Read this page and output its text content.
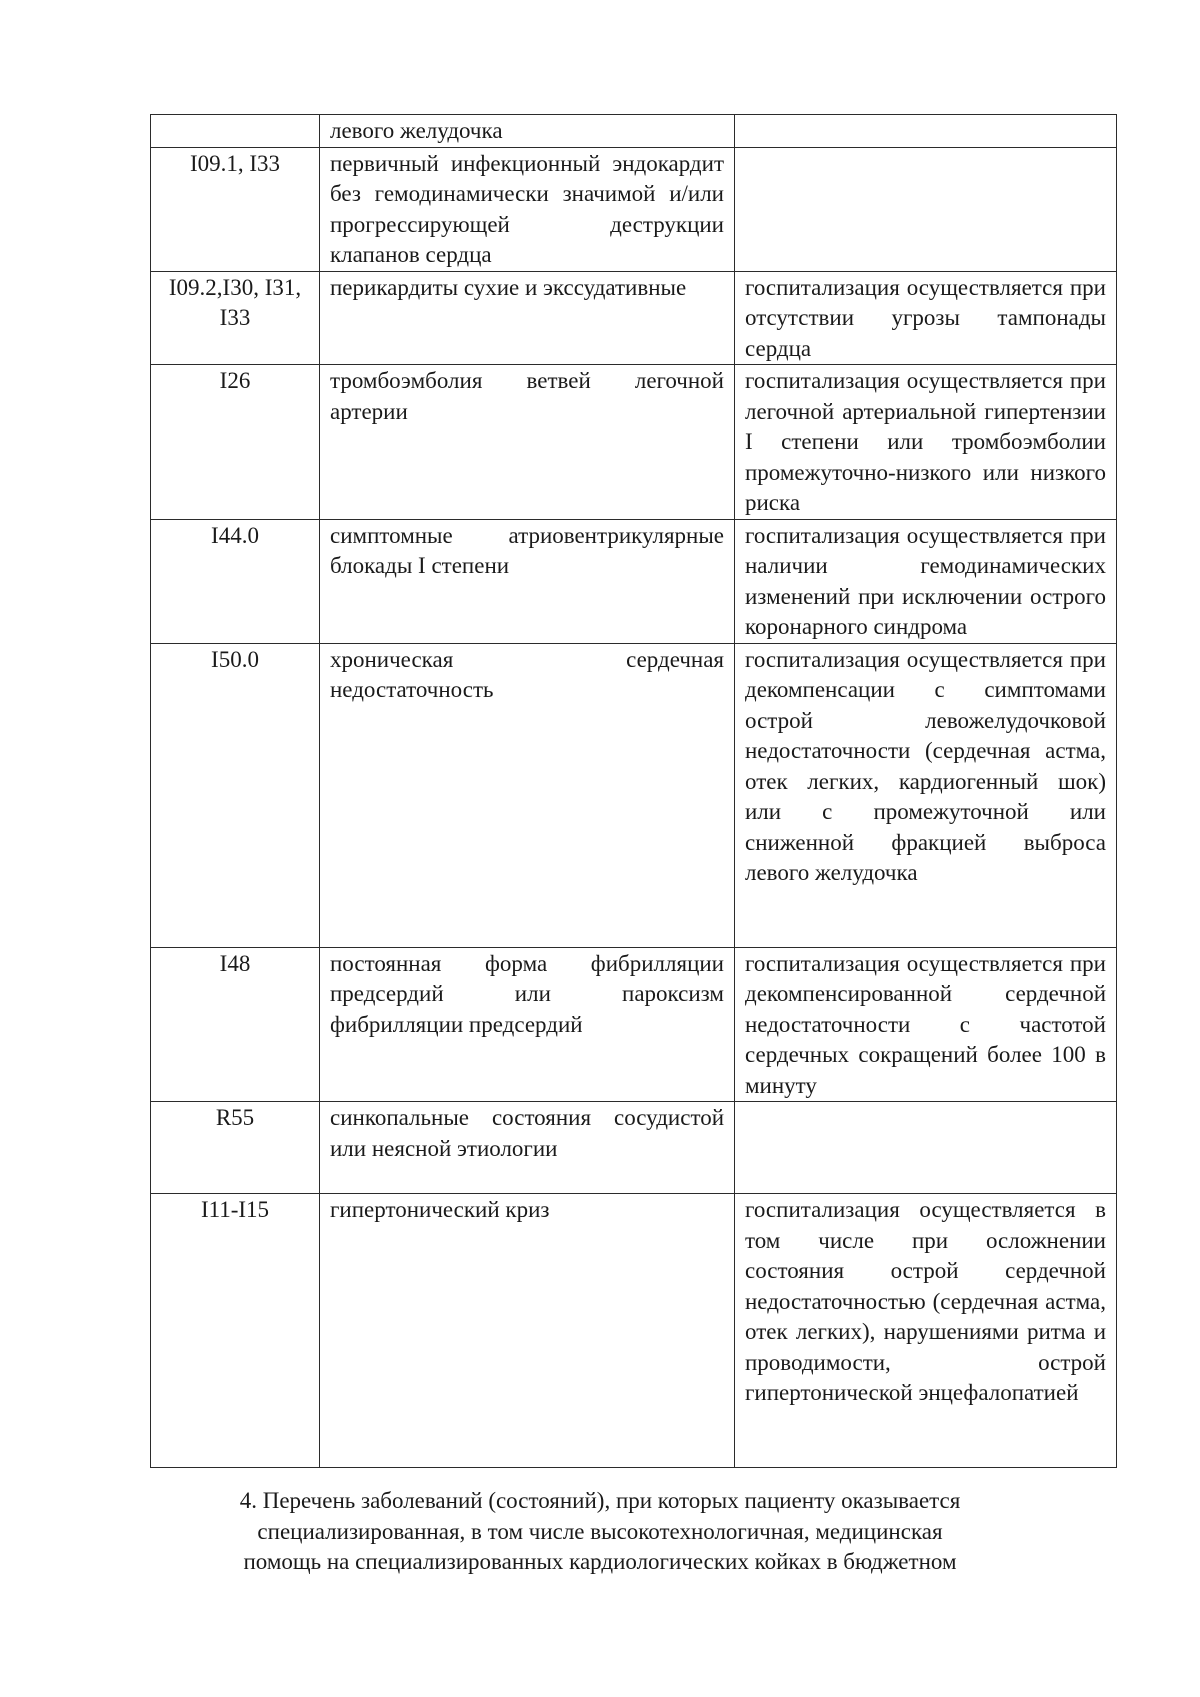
	левого желудочка	
I09.1, I33	первичный инфекционный эндокардит без гемодинамически значимой и/или прогрессирующей деструкции клапанов сердца	
I09.2,I30, I31, I33	перикардиты сухие и экссудативные	госпитализация осуществляется при отсутствии угрозы тампонады сердца
I26	тромбоэмболия ветвей легочной артерии	госпитализация осуществляется при легочной артериальной гипертензии I степени или тромбоэмболии промежуточно-низкого или низкого риска
I44.0	симптомные атриовентрикулярные блокады I степени	госпитализация осуществляется при наличии гемодинамических изменений при исключении острого коронарного синдрома
I50.0	хроническая сердечная недостаточность	госпитализация осуществляется при декомпенсации с симптомами острой левожелудочковой недостаточности (сердечная астма, отек легких, кардиогенный шок) или с промежуточной или сниженной фракцией выброса левого желудочка
I48	постоянная форма фибрилляции предсердий или пароксизм фибрилляции предсердий	госпитализация осуществляется при декомпенсированной сердечной недостаточности с частотой сердечных сокращений более 100 в минуту
R55	синкопальные состояния сосудистой или неясной этиологии	
I11-I15	гипертонический криз	госпитализация осуществляется в том числе при осложнении состояния острой сердечной недостаточностью (сердечная астма, отек легких), нарушениями ритма и проводимости, острой гипертонической энцефалопатией
4. Перечень заболеваний (состояний), при которых пациенту оказывается
специализированная, в том числе высокотехнологичная, медицинская
помощь на специализированных кардиологических койках в бюджетном
